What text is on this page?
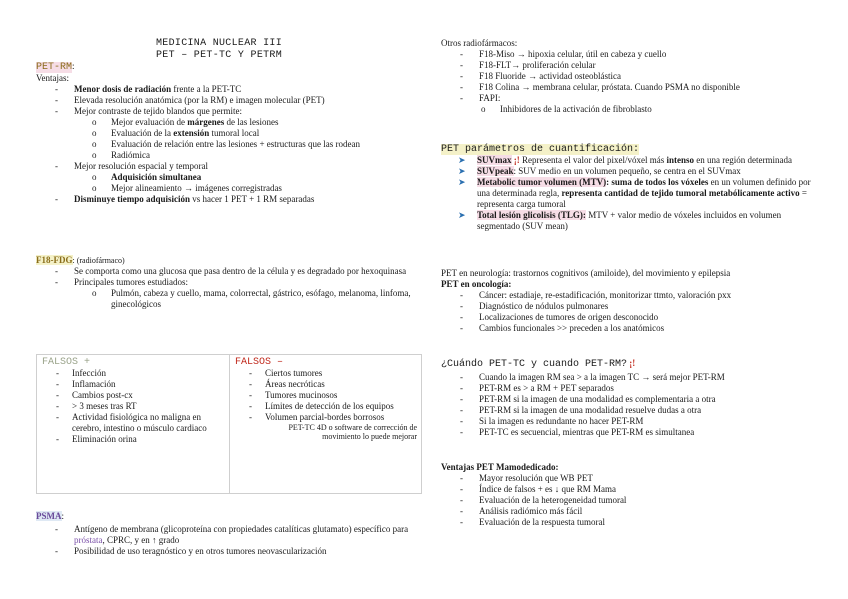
MEDICINA NUCLEAR III
PET – PET-TC Y PETRM
PET-RM:
Ventajas:
- Menor dosis de radiación frente a la PET-TC
- Elevada resolución anatómica (por la RM) e imagen molecular (PET)
- Mejor contraste de tejido blandos que permite:
o Mejor evaluación de márgenes de las lesiones
o Evaluación de la extensión tumoral local
o Evaluación de relación entre las lesiones + estructuras que las rodean
o Radiómica
- Mejor resolución espacial y temporal
o Adquisición simultanea
o Mejor alineamiento → imágenes corregistradas
- Disminuye tiempo adquisición vs hacer 1 PET + 1 RM separadas
F18-FDG: (radiofármaco)
- Se comporta como una glucosa que pasa dentro de la célula y es degradado por hexoquinasa
- Principales tumores estudiados:
o Pulmón, cabeza y cuello, mama, colorrectal, gástrico, esófago, melanoma, linfoma, ginecológicos
FALSOS +
- Infección
- Inflamación
- Cambios post-cx
- > 3 meses tras RT
- Actividad fisiológica no maligna en cerebro, intestino o músculo cardiaco
- Eliminación orina
FALSOS –
- Ciertos tumores
- Áreas necróticas
- Tumores mucinosos
- Límites de detección de los equipos
- Volumen parcial-bordes borrosos
PET-TC 4D o software de corrección de movimiento lo puede mejorar
PSMA:
- Antígeno de membrana (glicoproteína con propiedades catalíticas glutamato) específico para próstata, CPRC, y en ↑ grado
- Posibilidad de uso teragnóstico y en otros tumores neovascularización
Otros radiofármacos:
- F18-Miso → hipoxia celular, útil en cabeza y cuello
- F18-FLT→ proliferación celular
- F18 Fluoride → actividad osteoblástica
- F18 Colina → membrana celular, próstata. Cuando PSMA no disponible
- FAPI:
o Inhibidores de la activación de fibroblasto
PET parámetros de cuantificación:
➤ SUVmax ¡! Representa el valor del pixel/vóxel más intenso en una región determinada
➤ SUVpeak: SUV medio en un volumen pequeño, se centra en el SUVmax
➤ Metabolic tumor volumen (MTV): suma de todos los vóxeles en un volumen definido por una determinada regla, representa cantidad de tejido tumoral metabólicamente activo = representa carga tumoral
➤ Total lesión glicolisis (TLG): MTV + valor medio de vóxeles incluidos en volumen segmentado (SUV mean)
PET en neurología: trastornos cognitivos (amiloide), del movimiento y epilepsia
PET en oncología:
- Cáncer: estadiaje, re-estadificación, monitorizar ttmto, valoración pxx
- Diagnóstico de nódulos pulmonares
- Localizaciones de tumores de origen desconocido
- Cambios funcionales >> preceden a los anatómicos
¿Cuándo PET-TC y cuando PET-RM? ¡!
- Cuando la imagen RM sea > a la imagen TC → será mejor PET-RM
- PET-RM es > a RM + PET separados
- PET-RM si la imagen de una modalidad es complementaria a otra
- PET-RM si la imagen de una modalidad resuelve dudas a otra
- Si la imagen es redundante no hacer PET-RM
- PET-TC es secuencial, mientras que PET-RM es simultanea
Ventajas PET Mamodedicado:
- Mayor resolución que WB PET
- Índice de falsos + es ↓ que RM Mama
- Evaluación de la heterogeneidad tumoral
- Análisis radiómico más fácil
- Evaluación de la respuesta tumoral
